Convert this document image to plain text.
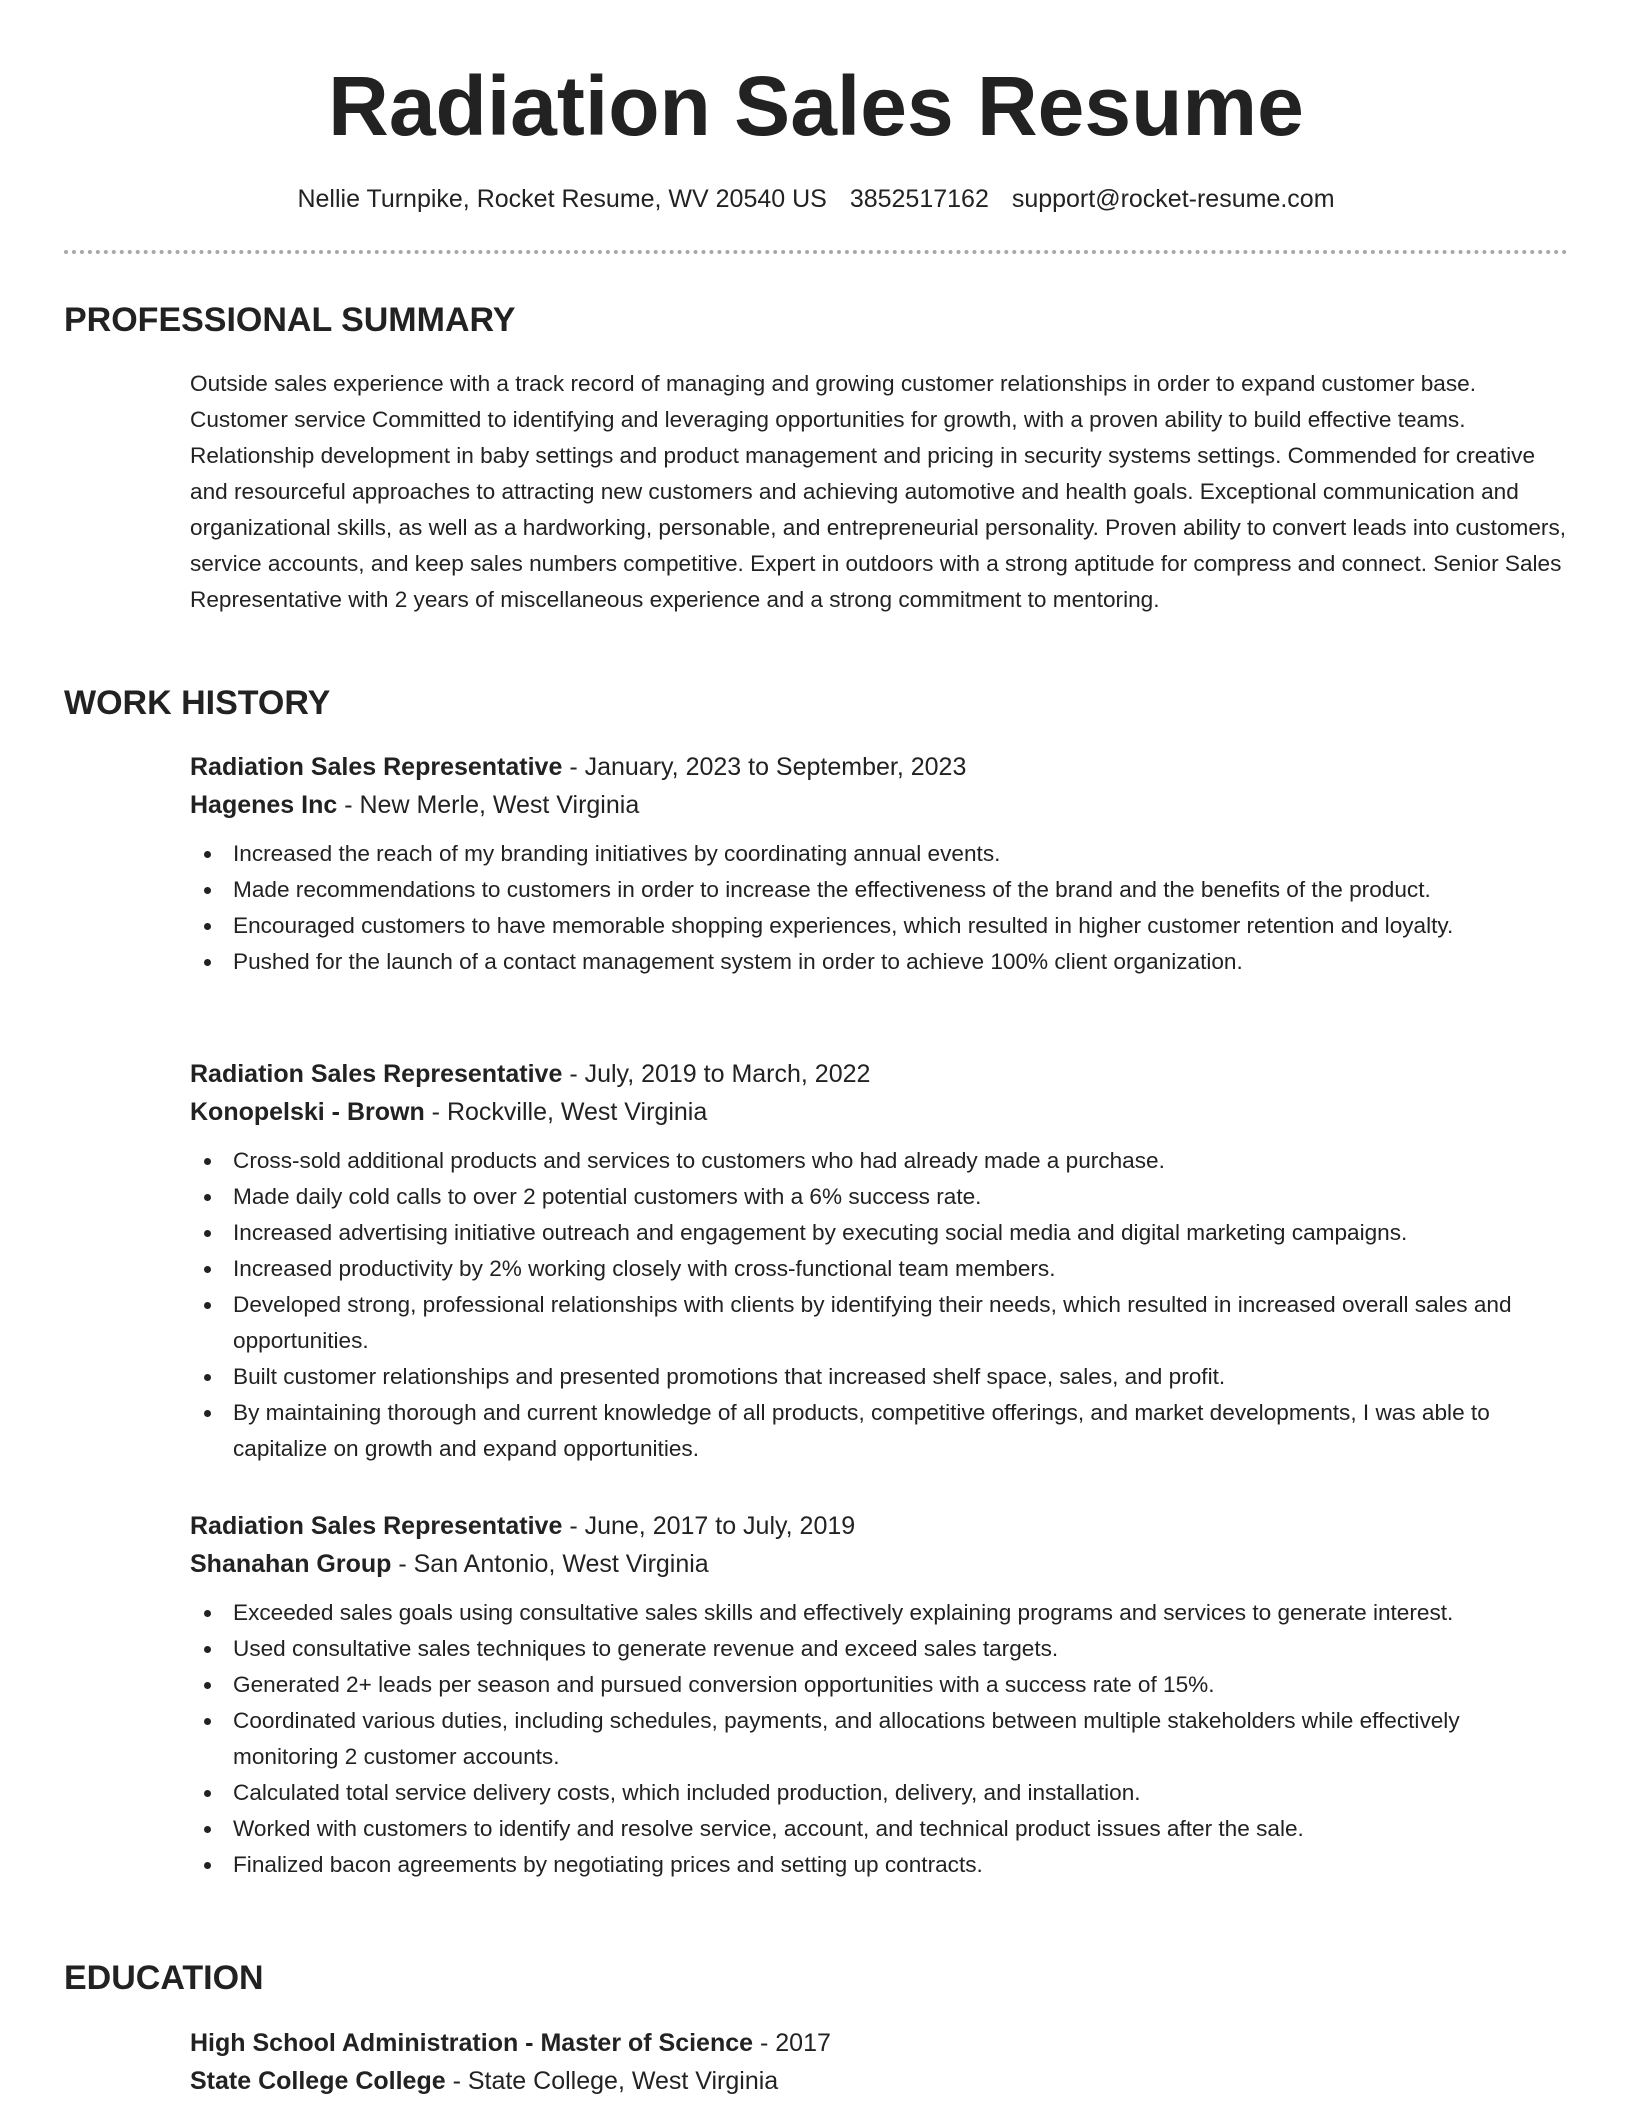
Radiation Sales Resume
Nellie Turnpike, Rocket Resume, WV 20540 US 3852517162 support@rocket-resume.com
PROFESSIONAL SUMMARY

Outside sales experience with a track record of managing and growing customer relationships in order to expand customer base. Customer service Committed to identifying and leveraging opportunities for growth, with a proven ability to build effective teams. Relationship development in baby settings and product management and pricing in security systems settings. Commended for creative and resourceful approaches to attracting new customers and achieving automotive and health goals. Exceptional communication and organizational skills, as well as a hardworking, personable, and entrepreneurial personality. Proven ability to convert leads into customers, service accounts, and keep sales numbers competitive. Expert in outdoors with a strong aptitude for compress and connect. Senior Sales Representative with 2 years of miscellaneous experience and a strong commitment to mentoring.

WORK HISTORY
Radiation Sales Representative - January, 2023 to September, 2023
Hagenes Inc - New Merle, West Virginia
Increased the reach of my branding initiatives by coordinating annual events.
Made recommendations to customers in order to increase the effectiveness of the brand and the benefits of the product.
Encouraged customers to have memorable shopping experiences, which resulted in higher customer retention and loyalty.
Pushed for the launch of a contact management system in order to achieve 100% client organization.
Radiation Sales Representative - July, 2019 to March, 2022
Konopelski - Brown - Rockville, West Virginia
Cross-sold additional products and services to customers who had already made a purchase.
Made daily cold calls to over 2 potential customers with a 6% success rate.
Increased advertising initiative outreach and engagement by executing social media and digital marketing campaigns.
Increased productivity by 2% working closely with cross-functional team members.
Developed strong, professional relationships with clients by identifying their needs, which resulted in increased overall sales and opportunities.
Built customer relationships and presented promotions that increased shelf space, sales, and profit.
By maintaining thorough and current knowledge of all products, competitive offerings, and market developments, I was able to capitalize on growth and expand opportunities.
Radiation Sales Representative - June, 2017 to July, 2019
Shanahan Group - San Antonio, West Virginia
Exceeded sales goals using consultative sales skills and effectively explaining programs and services to generate interest.
Used consultative sales techniques to generate revenue and exceed sales targets.
Generated 2+ leads per season and pursued conversion opportunities with a success rate of 15%.
Coordinated various duties, including schedules, payments, and allocations between multiple stakeholders while effectively monitoring 2 customer accounts.
Calculated total service delivery costs, which included production, delivery, and installation.
Worked with customers to identify and resolve service, account, and technical product issues after the sale.
Finalized bacon agreements by negotiating prices and setting up contracts.
EDUCATION
High School Administration - Master of Science - 2017
State College College - State College, West Virginia
